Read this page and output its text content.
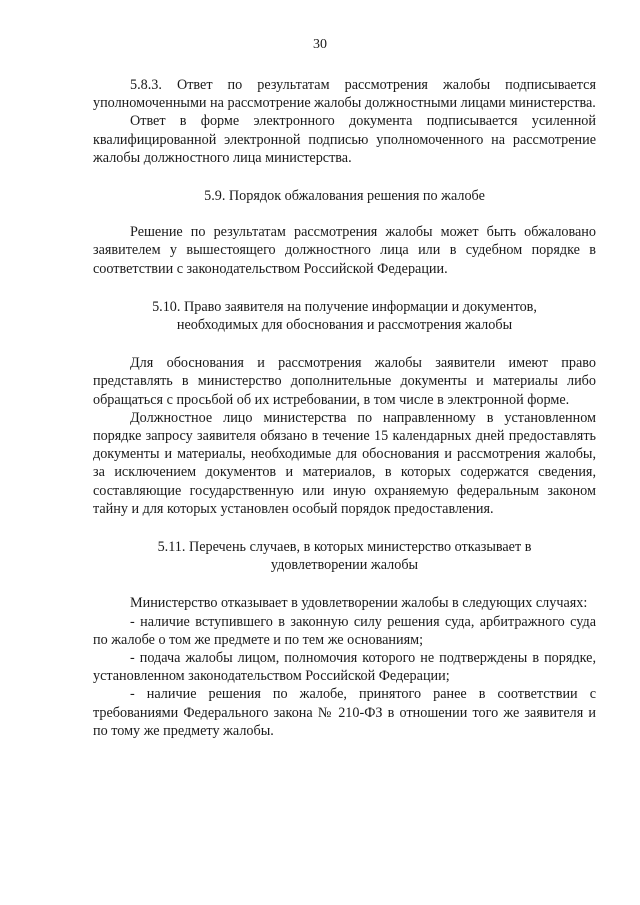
30

5.8.3. Ответ по результатам рассмотрения жалобы подписывается уполномоченными на рассмотрение жалобы должностными лицами министерства.

Ответ в форме электронного документа подписывается усиленной квалифицированной электронной подписью уполномоченного на рассмотрение жалобы должностного лица министерства.

5.9. Порядок обжалования решения по жалобе

Решение по результатам рассмотрения жалобы может быть обжаловано заявителем у вышестоящего должностного лица или в судебном порядке в соответствии с законодательством Российской Федерации.

5.10. Право заявителя на получение информации и документов,
необходимых для обоснования и рассмотрения жалобы

Для обоснования и рассмотрения жалобы заявители имеют право представлять в министерство дополнительные документы и материалы либо обращаться с просьбой об их истребовании, в том числе в электронной форме.

Должностное лицо министерства по направленному в установленном порядке запросу заявителя обязано в течение 15 календарных дней предоставлять документы и материалы, необходимые для обоснования и рассмотрения жалобы, за исключением документов и материалов, в которых содержатся сведения, составляющие государственную или иную охраняемую федеральным законом тайну и для которых установлен особый порядок предоставления.

5.11. Перечень случаев, в которых министерство отказывает в
удовлетворении жалобы

Министерство отказывает в удовлетворении жалобы в следующих случаях:

- наличие вступившего в законную силу решения суда, арбитражного суда по жалобе о том же предмете и по тем же основаниям;

- подача жалобы лицом, полномочия которого не подтверждены в порядке, установленном законодательством Российской Федерации;

- наличие решения по жалобе, принятого ранее в соответствии с требованиями Федерального закона № 210-ФЗ в отношении того же заявителя и по тому же предмету жалобы.
